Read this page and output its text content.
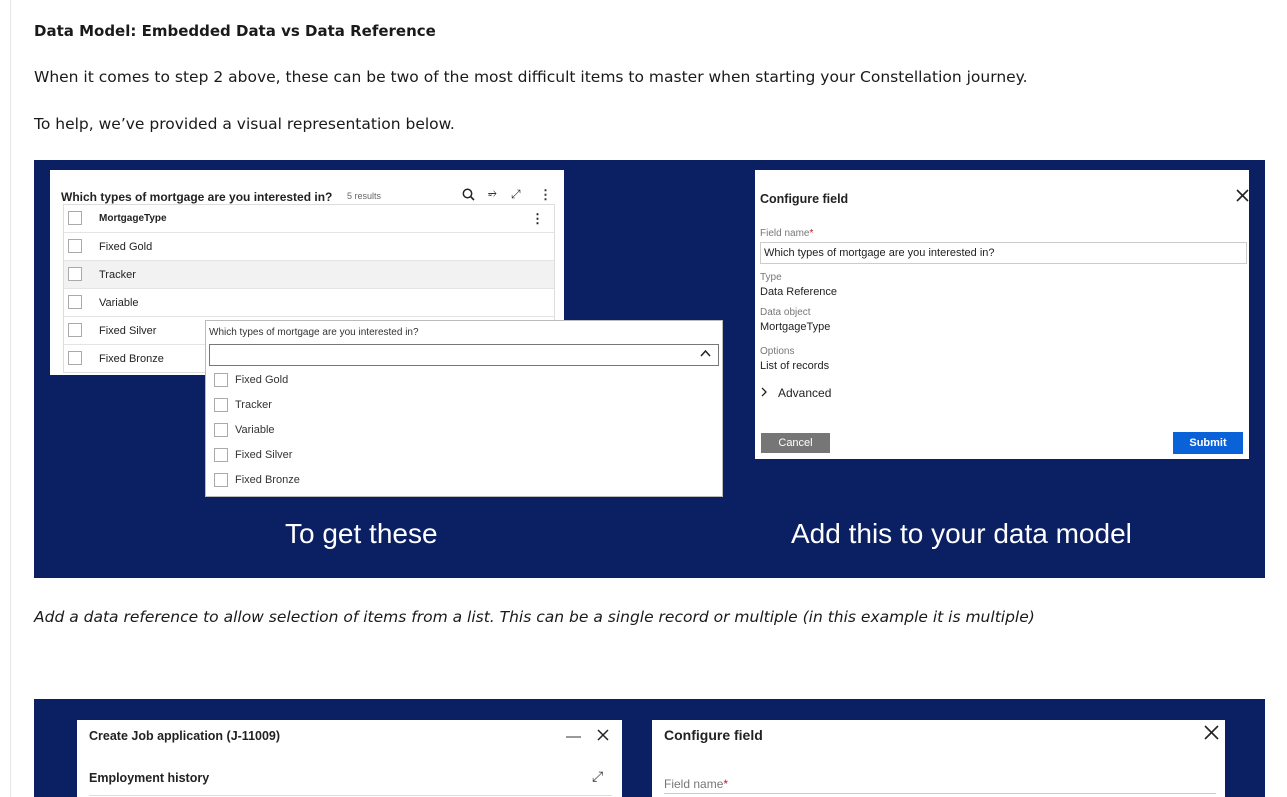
Data Model: Embedded Data vs Data Reference
When it comes to step 2 above, these can be two of the most difficult items to master when starting your Constellation journey.
To help, we’ve provided a visual representation below.
Add a data reference to allow selection of items from a list. This can be a single record or multiple (in this example it is multiple)
Which types of mortgage are you interested in? 5 results	⥴ ⤢ ⋮
MortgageType	⋮
Fixed Gold
Tracker
Variable
Fixed Silver
Fixed Bronze
Which types of mortgage are you interested in?
Fixed Gold
Tracker
Variable
Fixed Silver
Fixed Bronze
Configure field
Field name*
Which types of mortgage are you interested in?
Type
Data Reference
Data object
MortgageType
Options
List of records
Advanced
Cancel	Submit
To get these	Add this to your data model
Create Job application (J-11009)	—
Employment history	⤢
Configure field
Field name*
